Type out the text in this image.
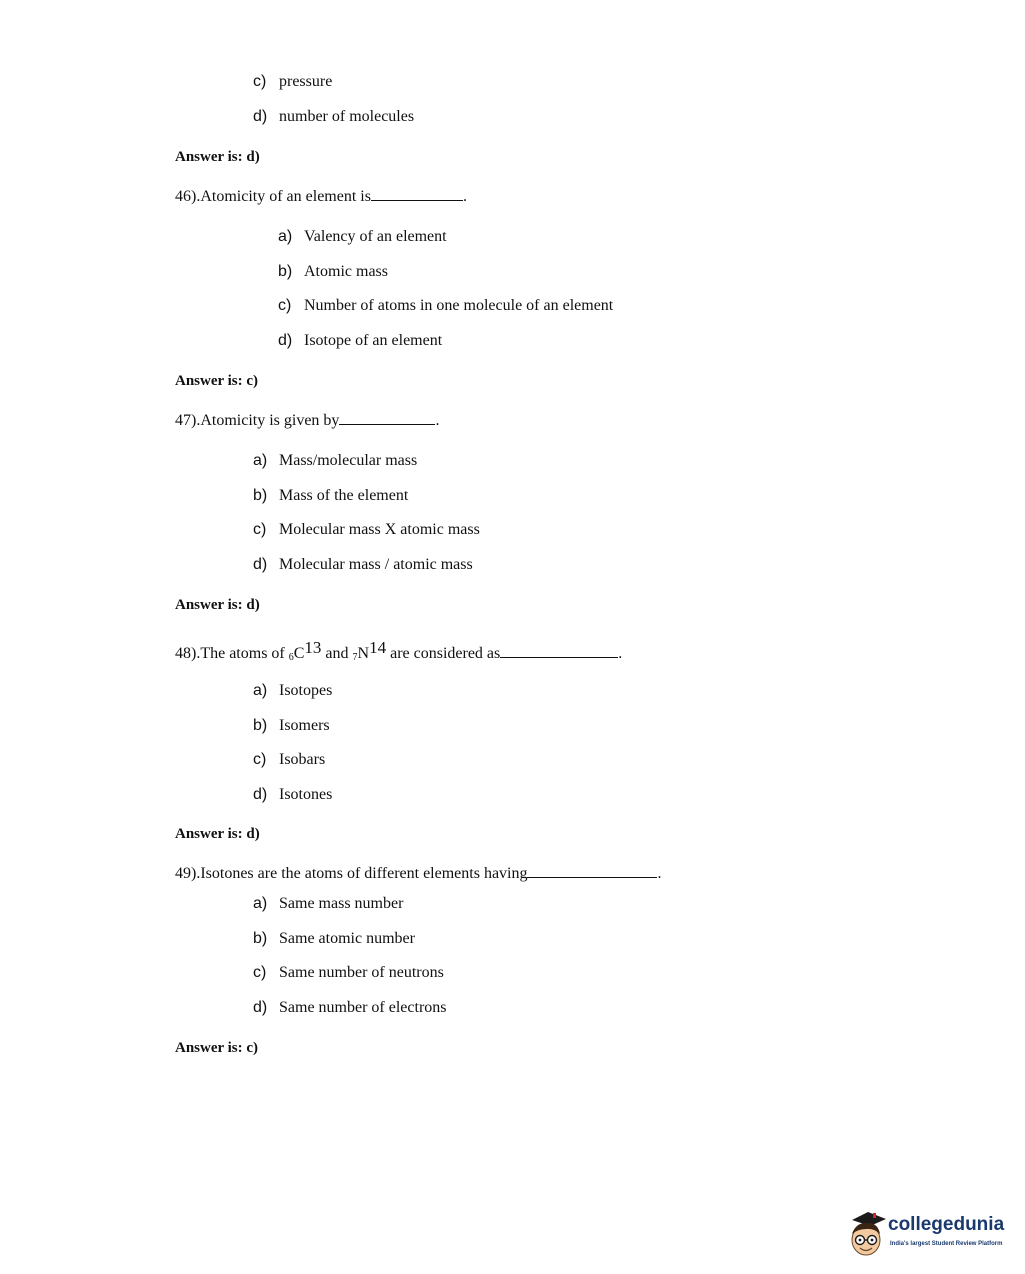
c) pressure
d) number of molecules
Answer is: d)
46).Atomicity of an element is	.
a) Valency of an element
b) Atomic mass
c) Number of atoms in one molecule of an element
d) Isotope of an element
Answer is: c)
47).Atomicity is given by	.
a) Mass/molecular mass
b) Mass of the element
c) Molecular mass X atomic mass
d) Molecular mass / atomic mass
Answer is: d)
48).The atoms of $_6$C13 and $_7$N14 are considered as	.
a) Isotopes
b) Isomers
c) Isobars
d) Isotones
Answer is: d)
49).Isotones are the atoms of different elements having	.
a) Same mass number
b) Same atomic number
c) Same number of neutrons
d) Same number of electrons
Answer is: c)
collegedunia
India's largest Student Review Platform
